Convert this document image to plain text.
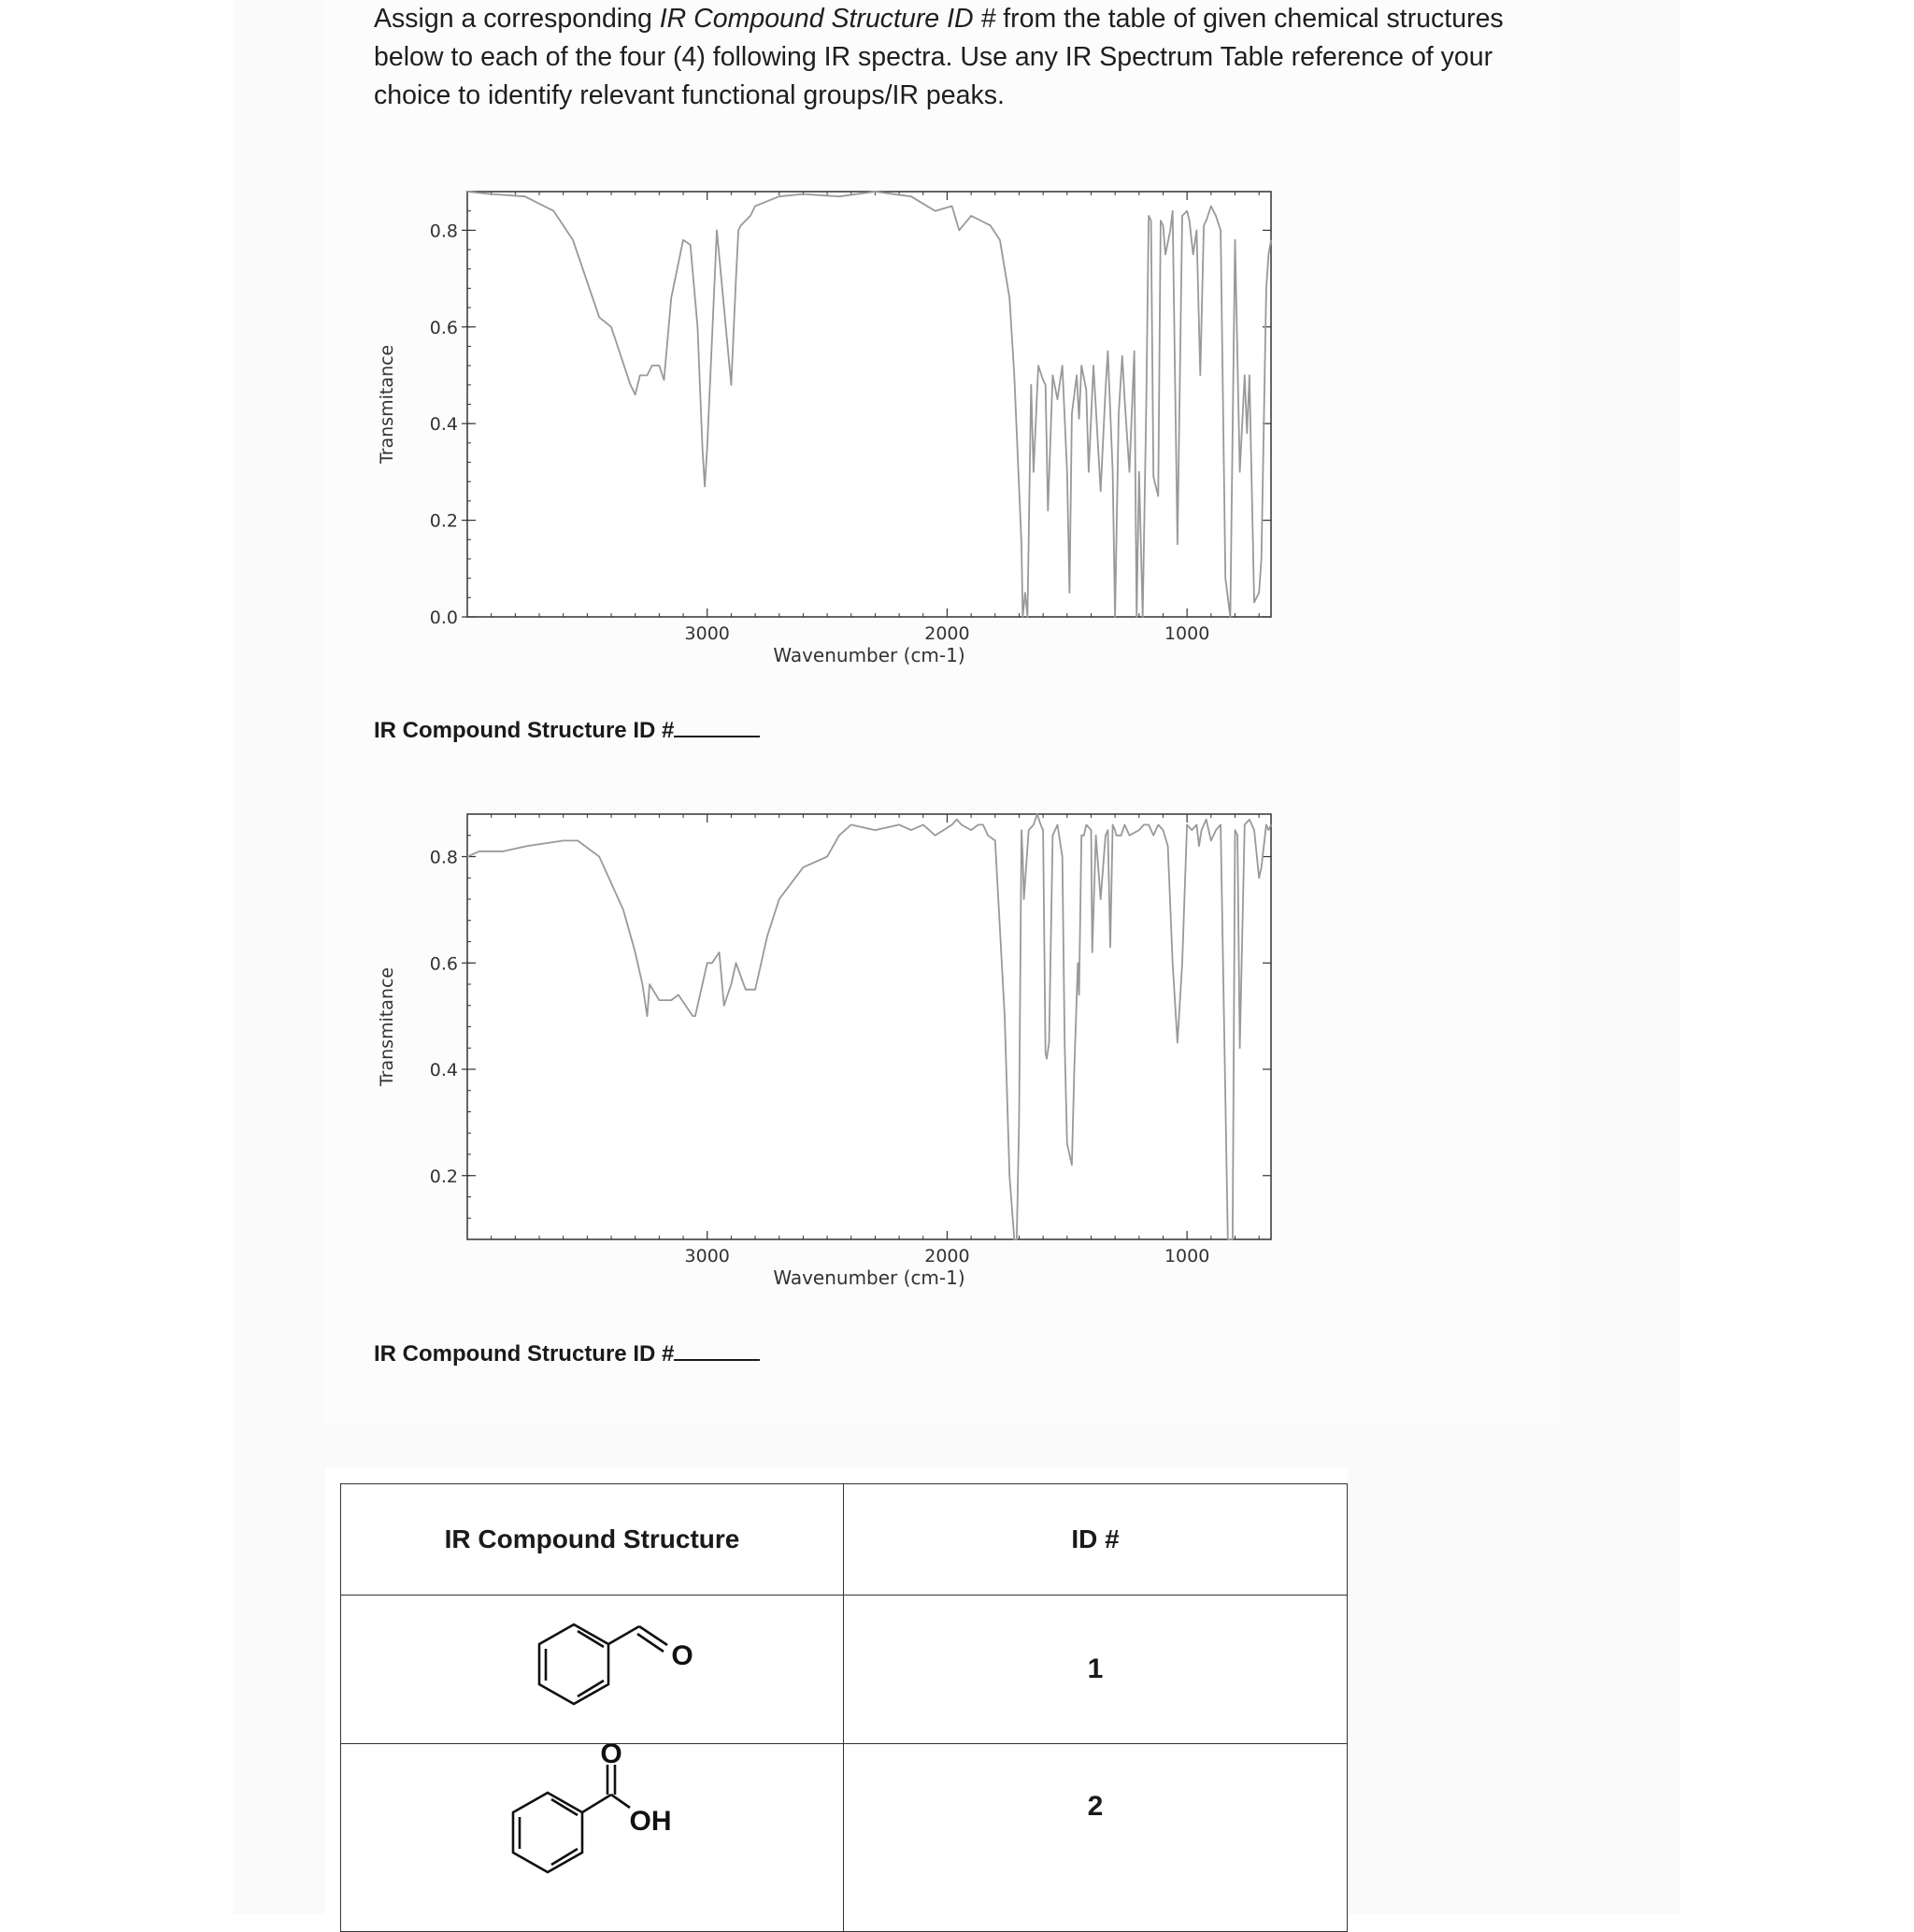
Assign a corresponding IR Compound Structure ID # from the table of given chemical structures below to each of the four (4) following IR spectra. Use any IR Spectrum Table reference of your choice to identify relevant functional groups/IR peaks.
3000	2000	1000
0.0
0.2
0.4
0.6
0.8
Wavenumber (cm-1)
Transmitance
IR Compound Structure ID #
3000	2000	1000
0.2
0.4
0.6
0.8
Wavenumber (cm-1)
Transmitance
IR Compound Structure ID #
IR Compound Structure	ID #

O	1

O
OH	2
